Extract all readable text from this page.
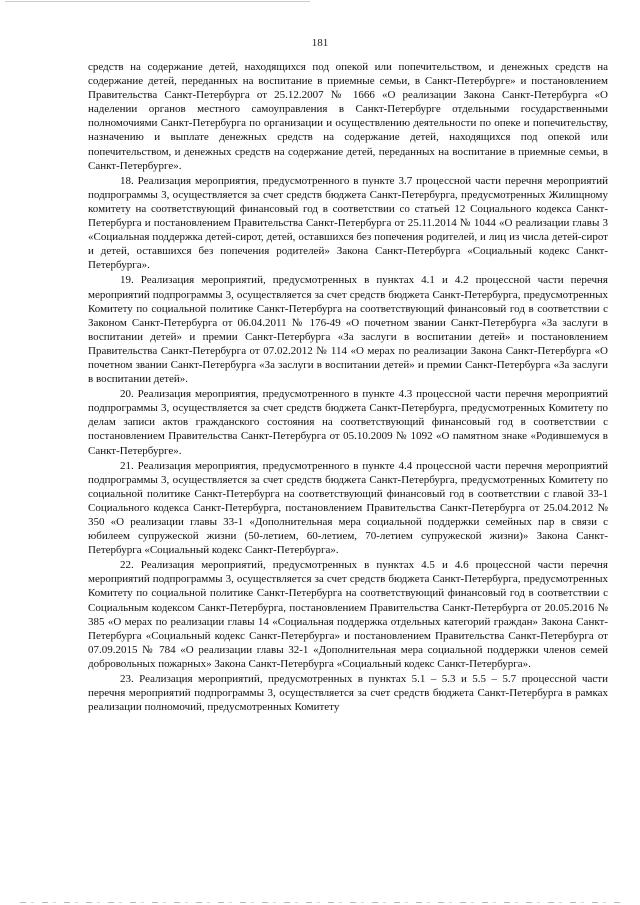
181

средств на содержание детей, находящихся под опекой или попечительством, и денежных средств на содержание детей, переданных на воспитание в приемные семьи, в Санкт-Петербурге» и постановлением Правительства Санкт-Петербурга от 25.12.2007 № 1666 «О реализации Закона Санкт-Петербурга «О наделении органов местного самоуправления в Санкт-Петербурге отдельными государственными полномочиями Санкт-Петербурга по организации и осуществлению деятельности по опеке и попечительству, назначению и выплате денежных средств на содержание детей, находящихся под опекой или попечительством, и денежных средств на содержание детей, переданных на воспитание в приемные семьи, в Санкт-Петербурге».

18. Реализация мероприятия, предусмотренного в пункте 3.7 процессной части перечня мероприятий подпрограммы 3, осуществляется за счет средств бюджета Санкт-Петербурга, предусмотренных Жилищному комитету на соответствующий финансовый год в соответствии со статьей 12 Социального кодекса Санкт-Петербурга и постановлением Правительства Санкт-Петербурга от 25.11.2014 № 1044 «О реализации главы 3 «Социальная поддержка детей-сирот, детей, оставшихся без попечения родителей, и лиц из числа детей-сирот и детей, оставшихся без попечения родителей» Закона Санкт-Петербурга «Социальный кодекс Санкт-Петербурга».

19. Реализация мероприятий, предусмотренных в пунктах 4.1 и 4.2 процессной части перечня мероприятий подпрограммы 3, осуществляется за счет средств бюджета Санкт-Петербурга, предусмотренных Комитету по социальной политике Санкт-Петербурга на соответствующий финансовый год в соответствии с Законом Санкт-Петербурга от 06.04.2011 № 176-49 «О почетном звании Санкт-Петербурга «За заслуги в воспитании детей» и премии Санкт-Петербурга «За заслуги в воспитании детей» и постановлением Правительства Санкт-Петербурга от 07.02.2012 № 114 «О мерах по реализации Закона Санкт-Петербурга «О почетном звании Санкт-Петербурга «За заслуги в воспитании детей» и премии Санкт-Петербурга «За заслуги в воспитании детей».

20. Реализация мероприятия, предусмотренного в пункте 4.3 процессной части перечня мероприятий подпрограммы 3, осуществляется за счет средств бюджета Санкт-Петербурга, предусмотренных Комитету по делам записи актов гражданского состояния на соответствующий финансовый год в соответствии с постановлением Правительства Санкт-Петербурга от 05.10.2009 № 1092 «О памятном знаке «Родившемуся в Санкт-Петербурге».

21. Реализация мероприятия, предусмотренного в пункте 4.4 процессной части перечня мероприятий подпрограммы 3, осуществляется за счет средств бюджета Санкт-Петербурга, предусмотренных Комитету по социальной политике Санкт-Петербурга на соответствующий финансовый год в соответствии с главой 33-1 Социального кодекса Санкт-Петербурга, постановлением Правительства Санкт-Петербурга от 25.04.2012 № 350 «О реализации главы 33-1 «Дополнительная мера социальной поддержки семейных пар в связи с юбилеем супружеской жизни (50-летием, 60-летием, 70-летием супружеской жизни)» Закона Санкт-Петербурга «Социальный кодекс Санкт-Петербурга».

22. Реализация мероприятий, предусмотренных в пунктах 4.5 и 4.6 процессной части перечня мероприятий подпрограммы 3, осуществляется за счет средств бюджета Санкт-Петербурга, предусмотренных Комитету по социальной политике Санкт-Петербурга на соответствующий финансовый год в соответствии с Социальным кодексом Санкт-Петербурга, постановлением Правительства Санкт-Петербурга от 20.05.2016 № 385 «О мерах по реализации главы 14 «Социальная поддержка отдельных категорий граждан» Закона Санкт-Петербурга «Социальный кодекс Санкт-Петербурга» и постановлением Правительства Санкт-Петербурга от 07.09.2015 № 784 «О реализации главы 32-1 «Дополнительная мера социальной поддержки членов семей добровольных пожарных» Закона Санкт-Петербурга «Социальный кодекс Санкт-Петербурга».

23. Реализация мероприятий, предусмотренных в пунктах 5.1 – 5.3 и 5.5 – 5.7 процессной части перечня мероприятий подпрограммы 3, осуществляется за счет средств бюджета Санкт-Петербурга в рамках реализации полномочий, предусмотренных Комитету
